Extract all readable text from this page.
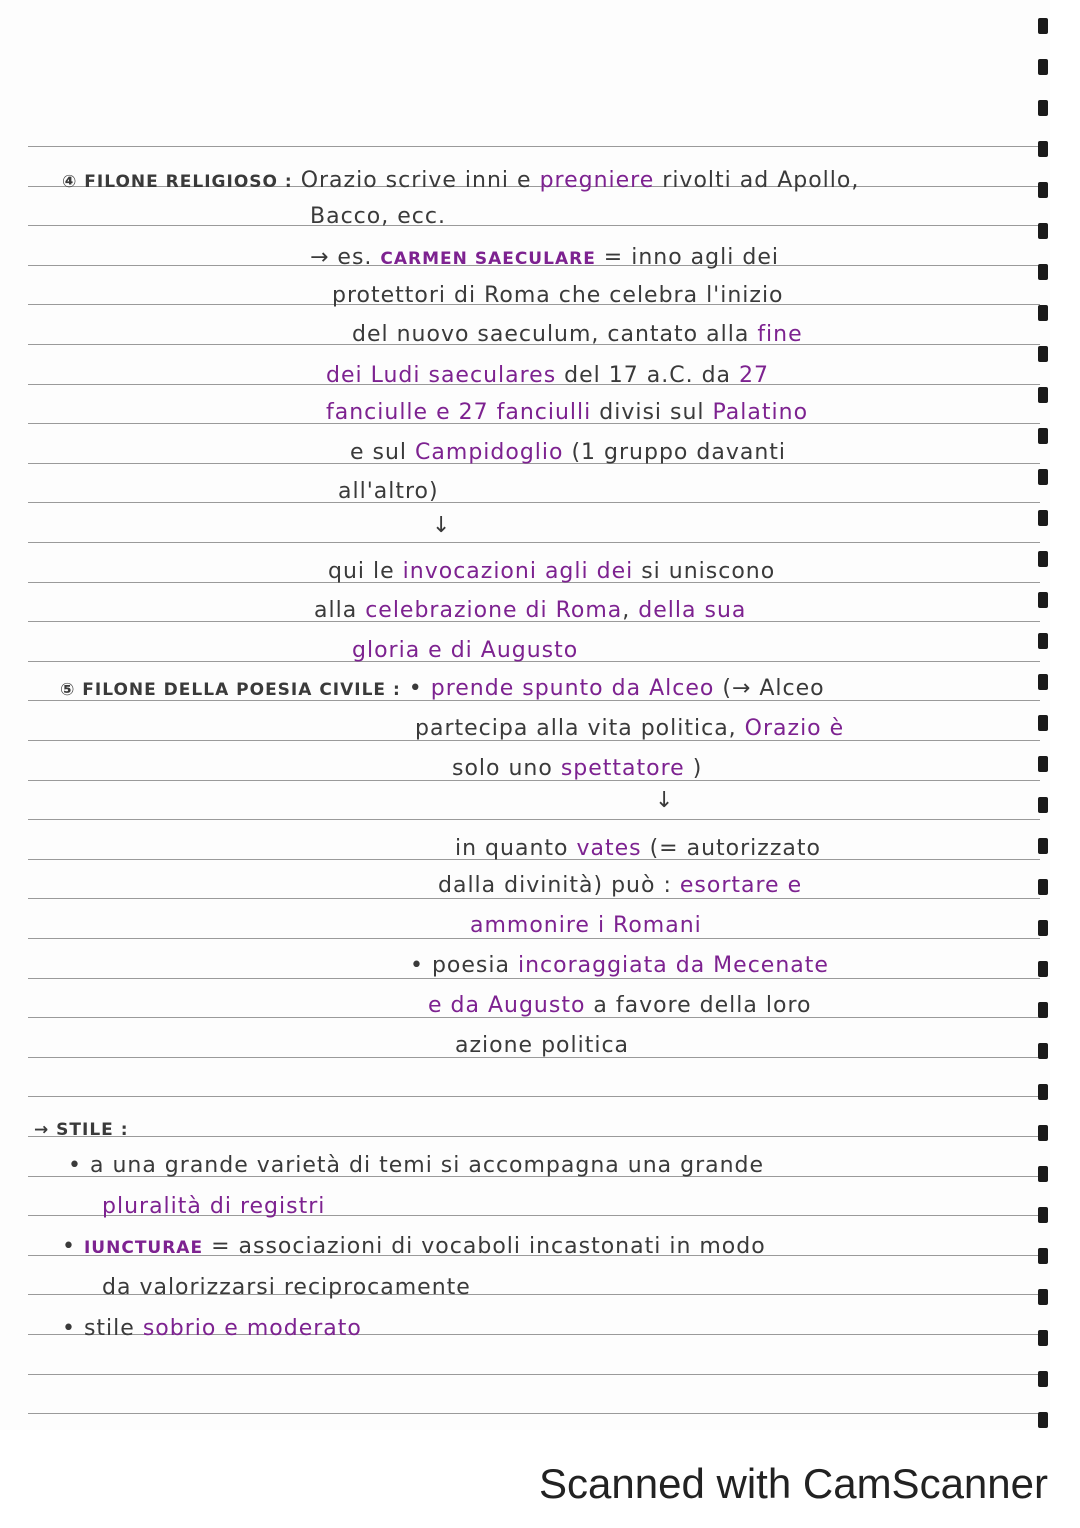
④ FILONE RELIGIOSO : Orazio scrive inni e pregniere rivolti ad Apollo,
Bacco, ecc.
→ es. CARMEN SAECULARE = inno agli dei
protettori di Roma che celebra l'inizio
del nuovo saeculum, cantato alla fine
dei Ludi saeculares del 17 a.C. da 27
fanciulle e 27 fanciulli divisi sul Palatino
e sul Campidoglio (1 gruppo davanti
all'altro)
↓
qui le invocazioni agli dei si uniscono
alla celebrazione di Roma, della sua
gloria e di Augusto
⑤ FILONE DELLA POESIA CIVILE : • prende spunto da Alceo (→ Alceo
partecipa alla vita politica, Orazio è
solo uno spettatore )
↓
in quanto vates (= autorizzato
dalla divinità) può : esortare e
ammonire i Romani
• poesia incoraggiata da Mecenate
e da Augusto a favore della loro
azione politica
→ STILE :
• a una grande varietà di temi si accompagna una grande
pluralità di registri
• IUNCTURAE = associazioni di vocaboli incastonati in modo
da valorizzarsi reciprocamente
• stile sobrio e moderato
Scanned with CamScanner
